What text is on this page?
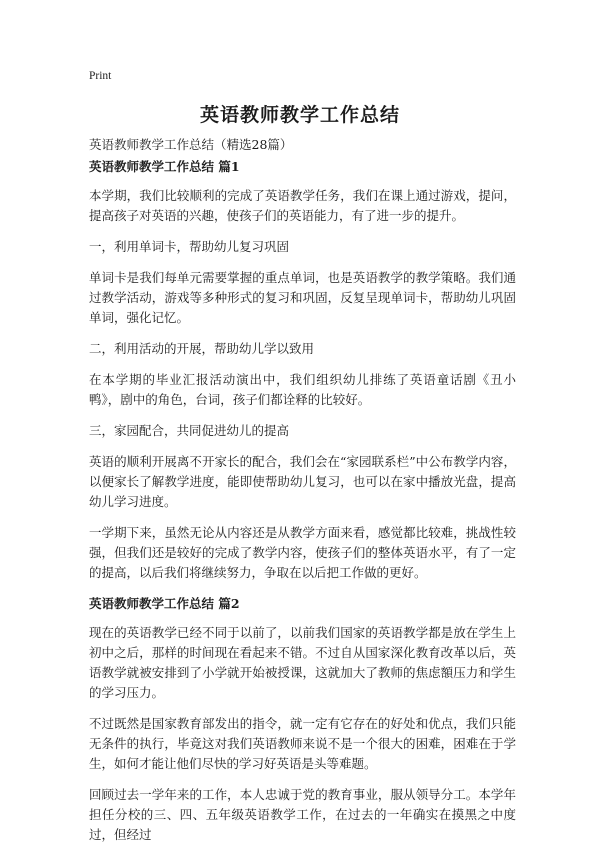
Print
英语教师教学工作总结

英语教师教学工作总结（精选28篇）

英语教师教学工作总结 篇1

本学期，我们比较顺利的完成了英语教学任务，我们在课上通过游戏，提问，提高孩子对英语的兴趣，使孩子们的英语能力，有了进一步的提升。

一，利用单词卡，帮助幼儿复习巩固

单词卡是我们每单元需要掌握的重点单词，也是英语教学的教学策略。我们通过教学活动，游戏等多种形式的复习和巩固，反复呈现单词卡，帮助幼儿巩固单词，强化记忆。

二，利用活动的开展，帮助幼儿学以致用

在本学期的毕业汇报活动演出中，我们组织幼儿排练了英语童话剧《丑小鸭》，剧中的角色，台词，孩子们都诠释的比较好。

三，家园配合，共同促进幼儿的提高

英语的顺利开展离不开家长的配合，我们会在“家园联系栏”中公布教学内容，以便家长了解教学进度，能即使帮助幼儿复习，也可以在家中播放光盘，提高幼儿学习进度。

一学期下来，虽然无论从内容还是从教学方面来看，感觉都比较难，挑战性较强，但我们还是较好的完成了教学内容，使孩子们的整体英语水平，有了一定的提高，以后我们将继续努力，争取在以后把工作做的更好。

英语教师教学工作总结 篇2

现在的英语教学已经不同于以前了，以前我们国家的英语教学都是放在学生上初中之后，那样的时间现在看起来不错。不过自从国家深化教育改革以后，英语教学就被安排到了小学就开始被授课，这就加大了教师的焦虑額压力和学生的学习压力。

不过既然是国家教育部发出的指令，就一定有它存在的好处和优点，我们只能无条件的执行，毕竟这对我们英语教师来说不是一个很大的困难，困难在于学生，如何才能让他们尽快的学习好英语是头等难题。

回顾过去一学年来的工作，本人忠诚于党的教育事业，服从领导分工。本学年担任分校的三、四、五年级英语教学工作，在过去的一年确实在摸黑之中度过，但经过
